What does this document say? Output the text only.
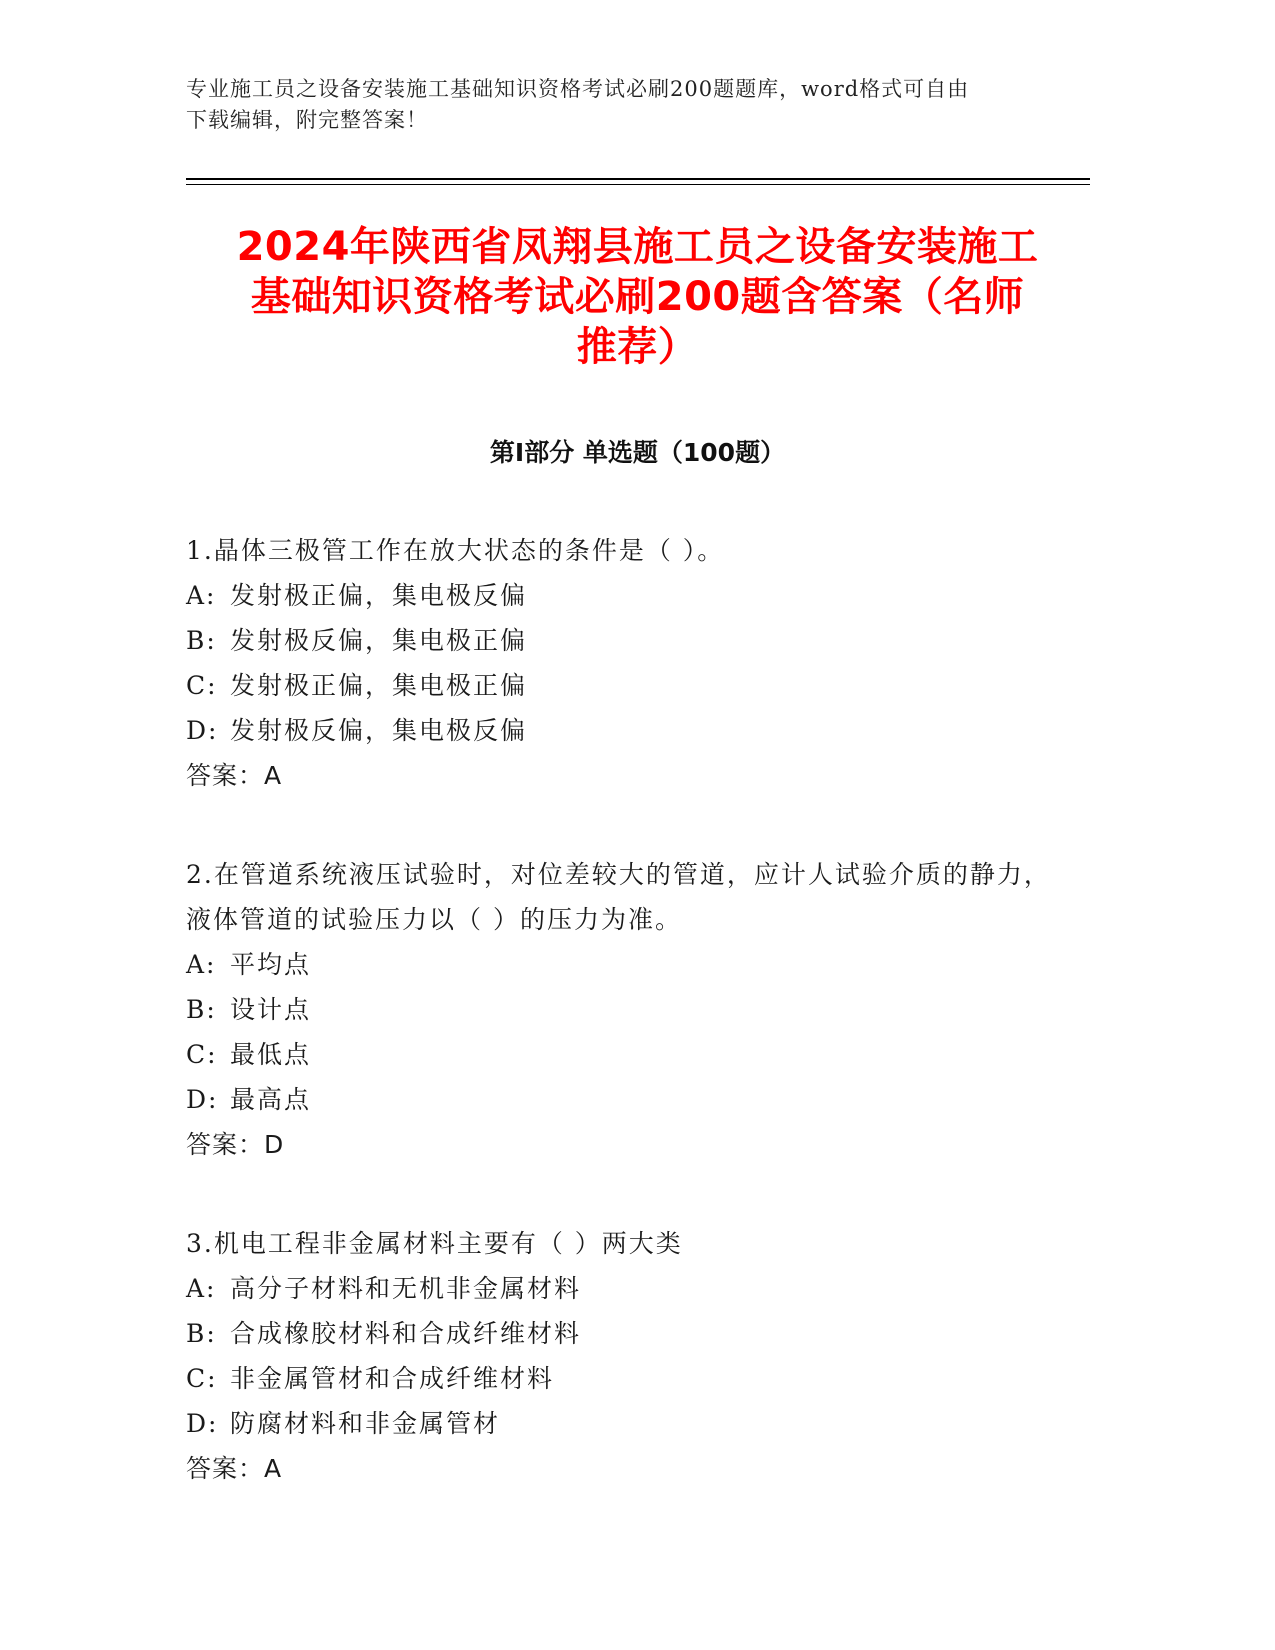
专业施工员之设备安装施工基础知识资格考试必刷200题题库，word格式可自由
下载编辑，附完整答案！
2024年陕西省凤翔县施工员之设备安装施工
基础知识资格考试必刷200题含答案（名师
推荐）
第I部分 单选题（100题）
1.晶体三极管工作在放大状态的条件是（ ）。
A: 发射极正偏，集电极反偏
B: 发射极反偏，集电极正偏
C: 发射极正偏，集电极正偏
D: 发射极反偏，集电极反偏
答案：A
2.在管道系统液压试验时，对位差较大的管道，应计人试验介质的静力，液体管道的试验压力以（ ）的压力为准。
A: 平均点
B: 设计点
C: 最低点
D: 最高点
答案：D
3.机电工程非金属材料主要有（ ）两大类
A: 高分子材料和无机非金属材料
B: 合成橡胶材料和合成纤维材料
C: 非金属管材和合成纤维材料
D: 防腐材料和非金属管材
答案：A
